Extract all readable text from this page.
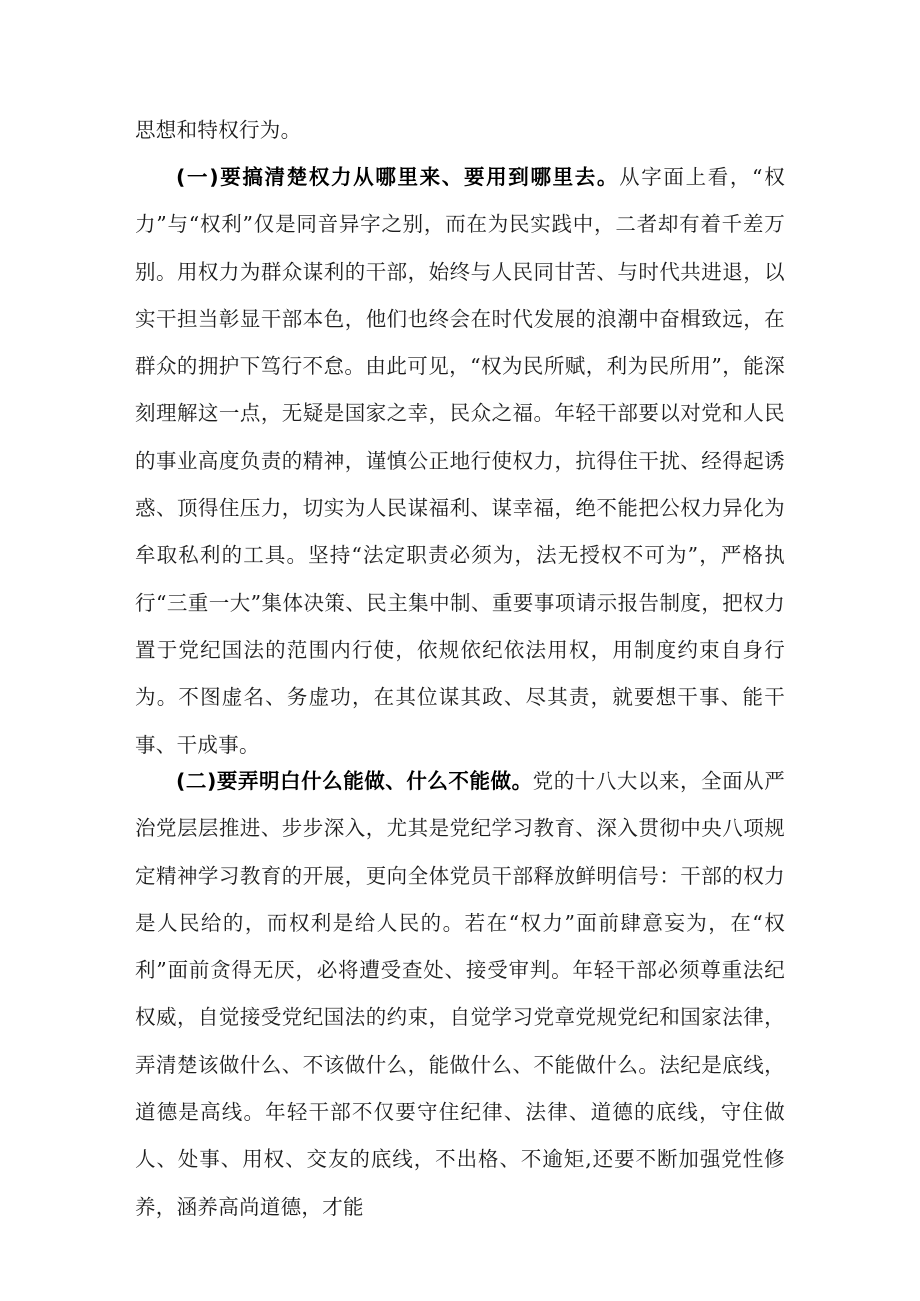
思想和特权行为。

(一)要搞清楚权力从哪里来、要用到哪里去。从字面上看，“权力”与“权利”仅是同音异字之别，而在为民实践中，二者却有着千差万别。用权力为群众谋利的干部，始终与人民同甘苦、与时代共进退，以实干担当彰显干部本色，他们也终会在时代发展的浪潮中奋楫致远，在群众的拥护下笃行不怠。由此可见，“权为民所赋，利为民所用”，能深刻理解这一点，无疑是国家之幸，民众之福。年轻干部要以对党和人民的事业高度负责的精神，谨慎公正地行使权力，抗得住干扰、经得起诱惑、顶得住压力，切实为人民谋福利、谋幸福，绝不能把公权力异化为牟取私利的工具。坚持“法定职责必须为，法无授权不可为”，严格执行“三重一大”集体决策、民主集中制、重要事项请示报告制度，把权力置于党纪国法的范围内行使，依规依纪依法用权，用制度约束自身行为。不图虚名、务虚功，在其位谋其政、尽其责，就要想干事、能干事、干成事。

(二)要弄明白什么能做、什么不能做。党的十八大以来，全面从严治党层层推进、步步深入，尤其是党纪学习教育、深入贯彻中央八项规定精神学习教育的开展，更向全体党员干部释放鲜明信号：干部的权力是人民给的，而权利是给人民的。若在“权力”面前肆意妄为，在“权利”面前贪得无厌，必将遭受查处、接受审判。年轻干部必须尊重法纪权威，自觉接受党纪国法的约束，自觉学习党章党规党纪和国家法律，弄清楚该做什么、不该做什么，能做什么、不能做什么。法纪是底线，道德是高线。年轻干部不仅要守住纪律、法律、道德的底线，守住做人、处事、用权、交友的底线，不出格、不逾矩,还要不断加强党性修养，涵养高尚道德，才能
